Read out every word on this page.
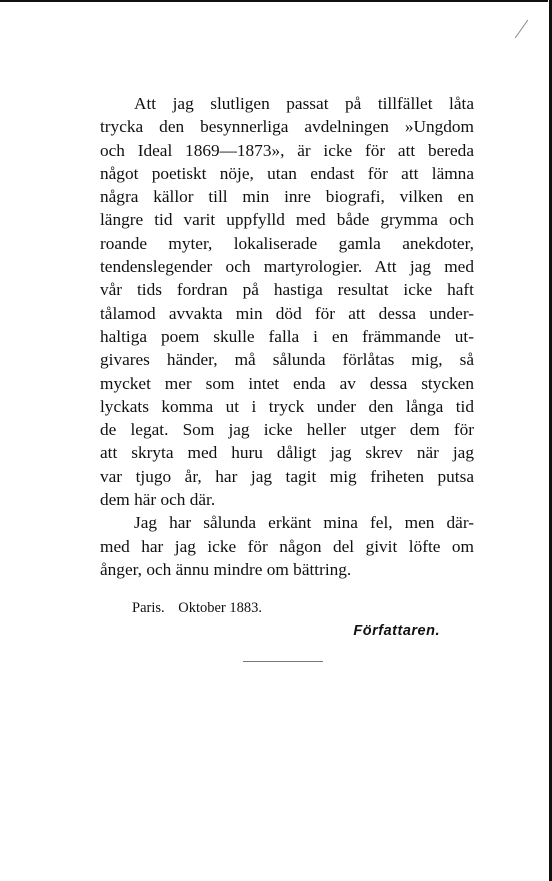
Att jag slutligen passat på tillfället låta
trycka den besynnerliga avdelningen »Ungdom
och Ideal 1869—1873», är icke för att bereda
något poetiskt nöje, utan endast för att lämna
några källor till min inre biografi, vilken en
längre tid varit uppfylld med både grymma och
roande myter, lokaliserade gamla anekdoter,
tendenslegender och martyrologier. Att jag med
vår tids fordran på hastiga resultat icke haft
tålamod avvakta min död för att dessa under-
haltiga poem skulle falla i en främmande ut-
givares händer, må sålunda förlåtas mig, så
mycket mer som intet enda av dessa stycken
lyckats komma ut i tryck under den långa tid
de legat. Som jag icke heller utger dem för
att skryta med huru dåligt jag skrev när jag
var tjugo år, har jag tagit mig friheten putsa
dem här och där.
Jag har sålunda erkänt mina fel, men där-
med har jag icke för någon del givit löfte om
ånger, och ännu mindre om bättring.
Paris. Oktober 1883.
Författaren.
